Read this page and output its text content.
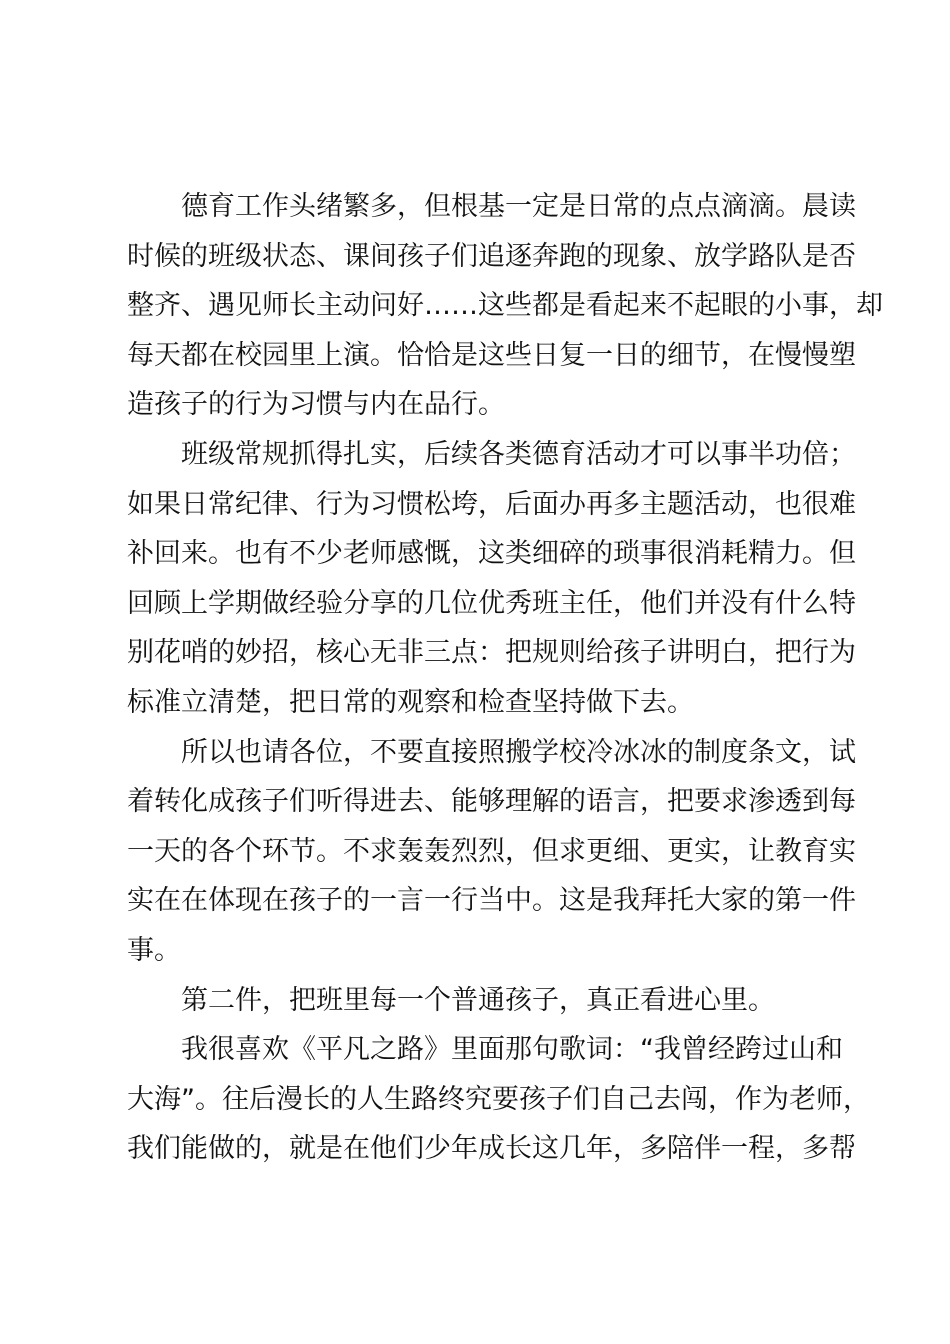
德育工作头绪繁多，但根基一定是日常的点点滴滴。晨读
时候的班级状态、课间孩子们追逐奔跑的现象、放学路队是否
整齐、遇见师长主动问好……这些都是看起来不起眼的小事，却
每天都在校园里上演。恰恰是这些日复一日的细节，在慢慢塑
造孩子的行为习惯与内在品行。

班级常规抓得扎实，后续各类德育活动才可以事半功倍；
如果日常纪律、行为习惯松垮，后面办再多主题活动，也很难
补回来。也有不少老师感慨，这类细碎的琐事很消耗精力。但
回顾上学期做经验分享的几位优秀班主任，他们并没有什么特
别花哨的妙招，核心无非三点：把规则给孩子讲明白，把行为
标准立清楚，把日常的观察和检查坚持做下去。

所以也请各位，不要直接照搬学校冷冰冰的制度条文，试
着转化成孩子们听得进去、能够理解的语言，把要求渗透到每
一天的各个环节。不求轰轰烈烈，但求更细、更实，让教育实
实在在体现在孩子的一言一行当中。这是我拜托大家的第一件
事。

第二件，把班里每一个普通孩子，真正看进心里。

我很喜欢《平凡之路》里面那句歌词：“我曾经跨过山和
大海”。往后漫长的人生路终究要孩子们自己去闯，作为老师，
我们能做的，就是在他们少年成长这几年，多陪伴一程，多帮
